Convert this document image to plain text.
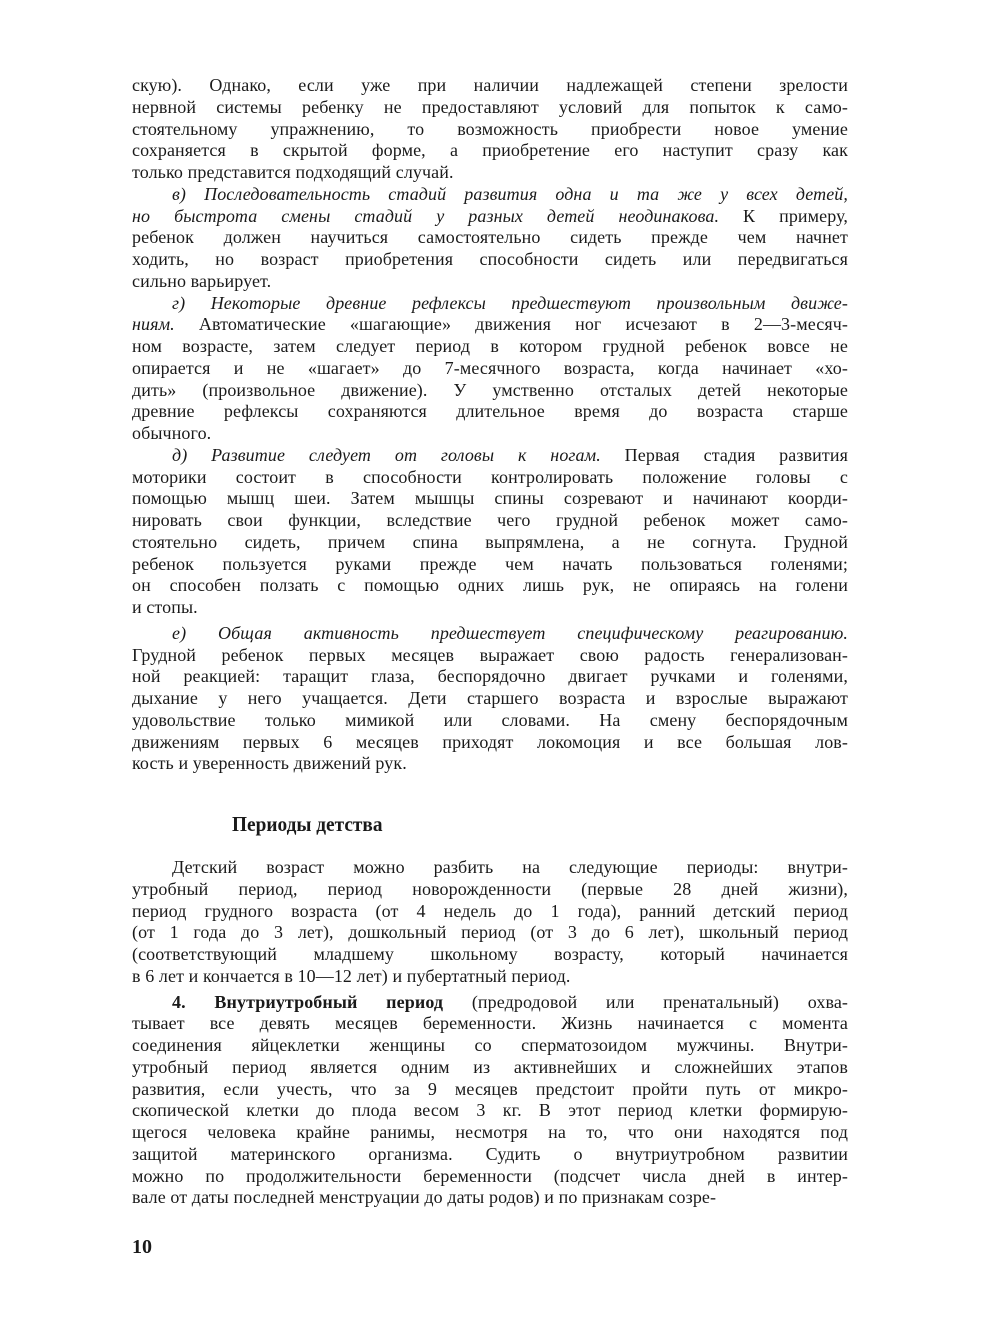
скую). Однако, если уже при наличии надлежащей степени зрелости
нервной системы ребенку не предоставляют условий для попыток к само-
стоятельному упражнению, то возможность приобрести новое умение
сохраняется в скрытой форме, а приобретение его наступит сразу как
только представится подходящий случай.
в) Последовательность стадий развития одна и та же у всех детей,
но быстрота смены стадий у разных детей неодинакова. К примеру,
ребенок должен научиться самостоятельно сидеть прежде чем начнет
ходить, но возраст приобретения способности сидеть или передвигаться
сильно варьирует.
г) Некоторые древние рефлексы предшествуют произвольным движе-
ниям. Автоматические «шагающие» движения ног исчезают в 2—3-месяч-
ном возрасте, затем следует период в котором грудной ребенок вовсе не
опирается и не «шагает» до 7-месячного возраста, когда начинает «хо-
дить» (произвольное движение). У умственно отсталых детей некоторые
древние рефлексы сохраняются длительное время до возраста старше
обычного.
д) Развитие следует от головы к ногам. Первая стадия развития
моторики состоит в способности контролировать положение головы с
помощью мышц шеи. Затем мышцы спины созревают и начинают коорди-
нировать свои функции, вследствие чего грудной ребенок может само-
стоятельно сидеть, причем спина выпрямлена, а не согнута. Грудной
ребенок пользуется руками прежде чем начать пользоваться голенями;
он способен ползать с помощью одних лишь рук, не опираясь на голени
и стопы.
е) Общая активность предшествует специфическому реагированию.
Грудной ребенок первых месяцев выражает свою радость генерализован-
ной реакцией: таращит глаза, беспорядочно двигает ручками и голенями,
дыхание у него учащается. Дети старшего возраста и взрослые выражают
удовольствие только мимикой или словами. На смену беспорядочным
движениям первых 6 месяцев приходят локомоция и все большая лов-
кость и уверенность движений рук.
Периоды детства
Детский возраст можно разбить на следующие периоды: внутри-
утробный период, период новорожденности (первые 28 дней жизни),
период грудного возраста (от 4 недель до 1 года), ранний детский период
(от 1 года до 3 лет), дошкольный период (от 3 до 6 лет), школьный период
(соответствующий младшему школьному возрасту, который начинается
в 6 лет и кончается в 10—12 лет) и пубертатный период.
4. Внутриутробный период (предродовой или пренатальный) охва-
тывает все девять месяцев беременности. Жизнь начинается с момента
соединения яйцеклетки женщины со сперматозоидом мужчины. Внутри-
утробный период является одним из активнейших и сложнейших этапов
развития, если учесть, что за 9 месяцев предстоит пройти путь от микро-
скопической клетки до плода весом 3 кг. В этот период клетки формирую-
щегося человека крайне ранимы, несмотря на то, что они находятся под
защитой материнского организма. Судить о внутриутробном развитии
можно по продолжительности беременности (подсчет числа дней в интер-
вале от даты последней менструации до даты родов) и по признакам созре-
10
